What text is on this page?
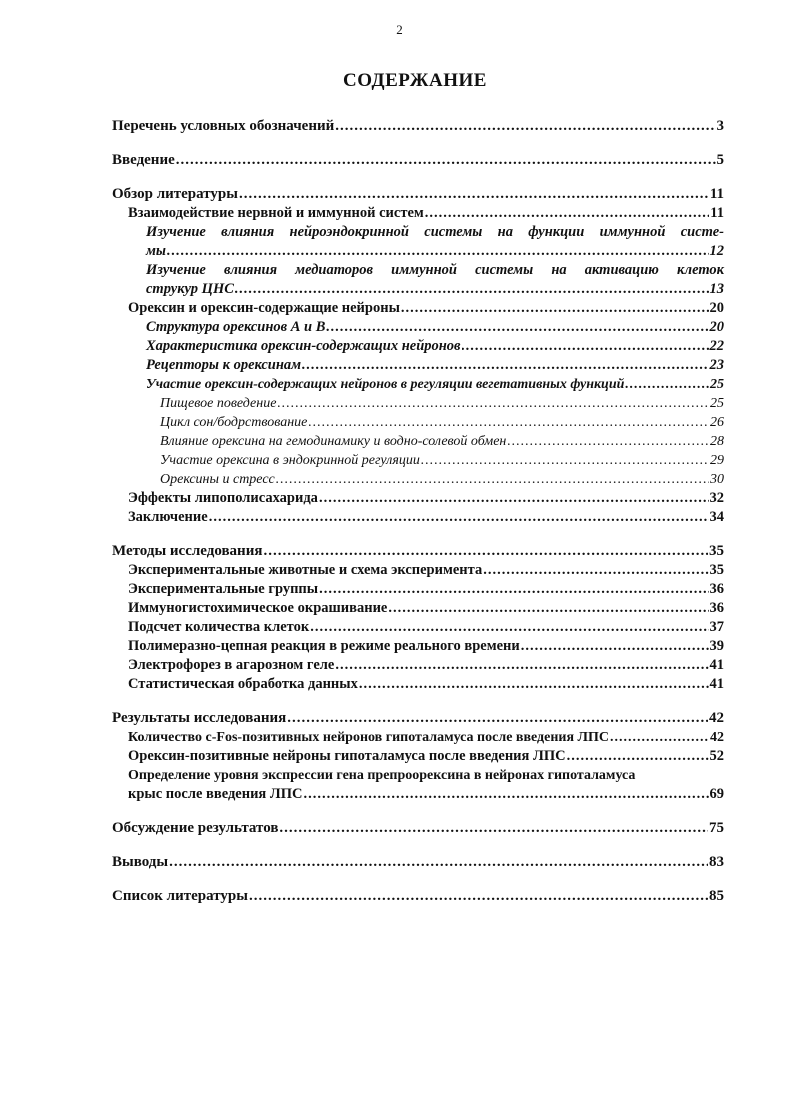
2
СОДЕРЖАНИЕ
Перечень условных обозначений .....	3
Введение .....	5
Обзор литературы .....	11
Взаимодействие нервной и иммунной систем .....	11
Изучение влияния нейроэндокринной системы на функции иммунной систе-
мы .....	12
Изучение влияния медиаторов иммунной системы на активацию клеток
струкур ЦНС .....	13
Орексин и орексин-содержащие нейроны .....	20
Структура орексинов А и В .....	20
Характеристика орексин-содержащих нейронов .....	22
Рецепторы к орексинам .....	23
Участие орексин-содержащих нейронов в регуляции вегетативных функций .....	25
Пищевое поведение .....	25
Цикл сон/бодрствование .....	26
Влияние орексина на гемодинамику и водно-солевой обмен .....	28
Участие орексина в эндокринной регуляции .....	29
Орексины и стресс .....	30
Эффекты липополисахарида .....	32
Заключение .....	34
Методы исследования .....	35
Экспериментальные животные и схема эксперимента .....	35
Экспериментальные группы .....	36
Иммуногистохимическое окрашивание .....	36
Подсчет количества клеток .....	37
Полимеразно-цепная реакция в режиме реального времени .....	39
Электрофорез в агарозном геле .....	41
Статистическая обработка данных .....	41
Результаты исследования .....	42
Количество c-Fos-позитивных нейронов гипоталамуса после введения ЛПС .....	42
Орексин-позитивные нейроны гипоталамуса после введения ЛПС .....	52
Определение уровня экспрессии гена препроорексина в нейронах гипоталамуса
крыс после введения ЛПС .....	69
Обсуждение результатов .....	75
Выводы .....	83
Список литературы .....	85
